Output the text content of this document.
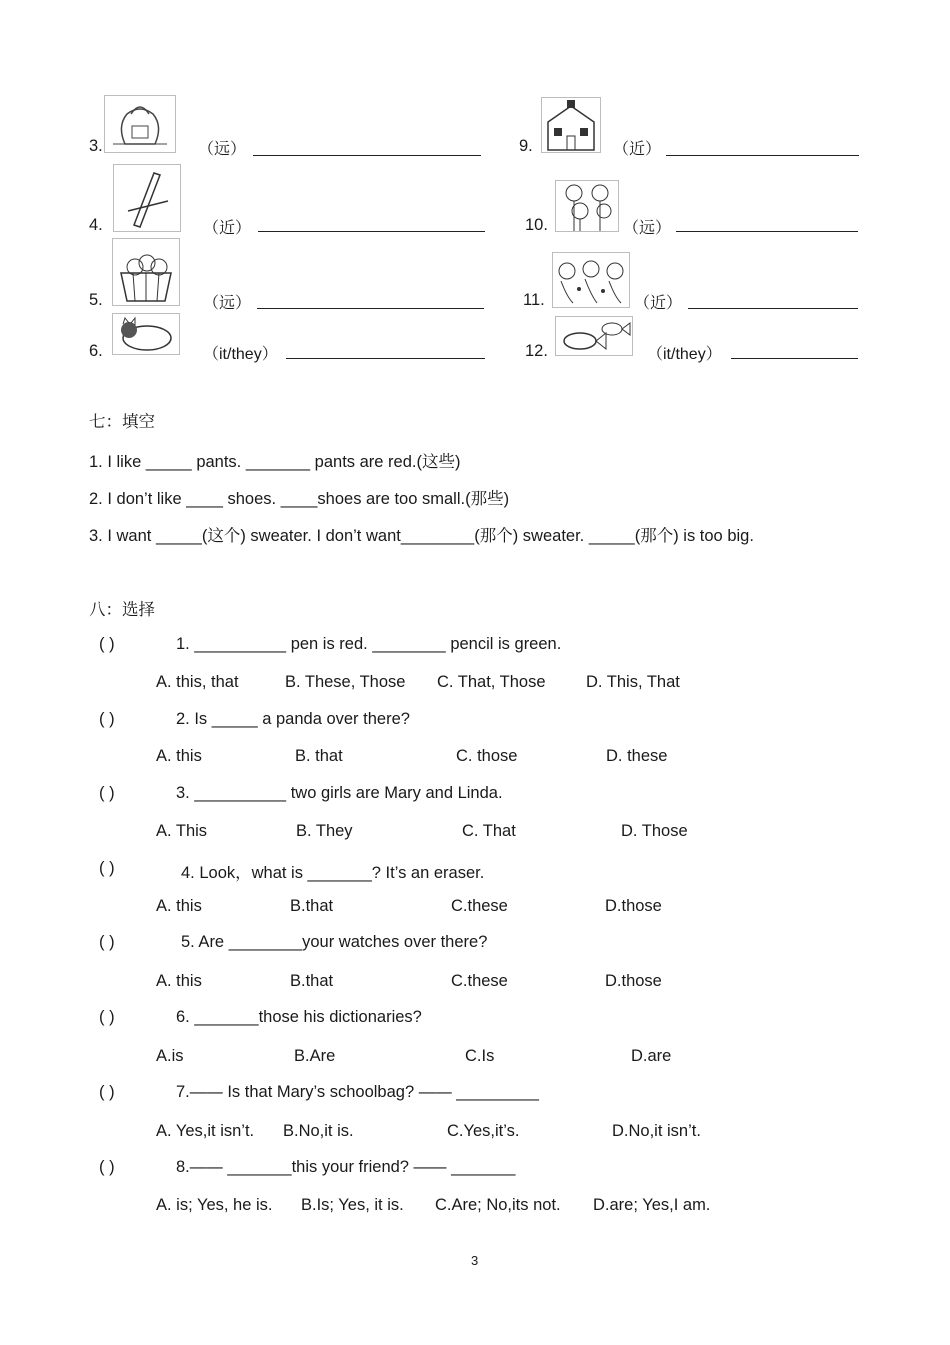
3.	（远）	9.	（近）
4.	（近）	10.	（远）
5.	（远）	11.	（近）
6.	（it/they）	12.	（it/they）
七：填空
1. I like _____ pants. _______ pants are red.(这些)
2. I don’t like ____ shoes. ____shoes are too small.(那些)
3. I want _____(这个) sweater. I don’t want________(那个) sweater. _____(那个) is too big.
八：选择
( )	1. __________ pen is red. ________ pencil is green.
A. this, that	B. These, Those C. That, Those D. This, That
( )	2. Is _____ a panda over there?
A. this	B. that	C. those	D. these
( )	3. __________ two girls are Mary and Linda.
A. This	B. They	C. That	D. Those
( )	4. Look，what is _______? It’s an eraser.
A. this	B.that	C.these	D.those
( )	5. Are ________your watches over there?
A. this	B.that	C.these	D.those
( )	6. _______those his dictionaries?
A.is	B.Are	C.Is	D.are
( )	7.—— Is that Mary’s schoolbag? —— _________
A. Yes,it isn’t. B.No,it is.	C.Yes,it’s.	D.No,it isn’t.
( )	8.—— _______this your friend? —— _______
A. is; Yes, he is. B.Is; Yes, it is. C.Are; No,its not. D.are; Yes,I am.
3
